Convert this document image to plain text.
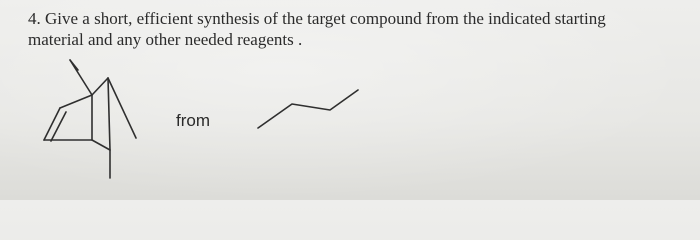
4. Give a short, efficient synthesis of the target compound from the indicated starting
material and any other needed reagents .

from
